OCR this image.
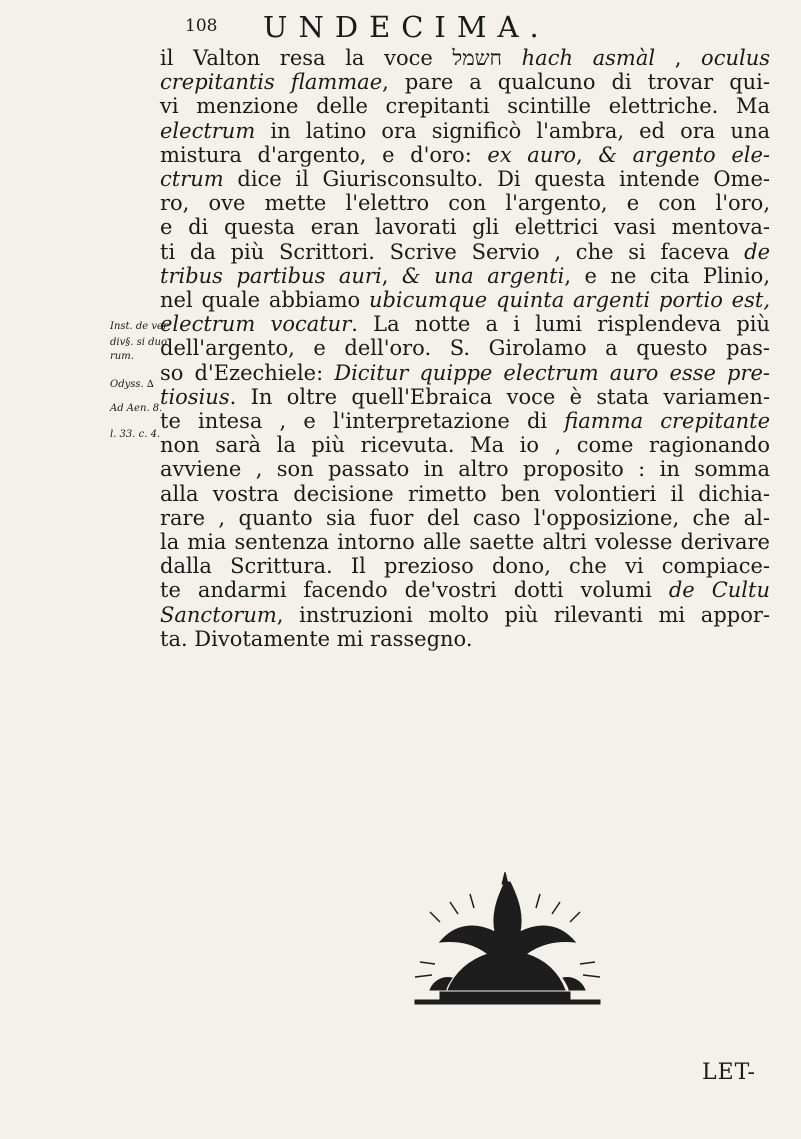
108 UNDECIMA.
Inst. de ver
div§. si duo
rum.
Odyss. ∆
Ad Aen. 8.
l. 33. c. 4.
il Valton resa la voce חשמל hach asmàl , oculus
crepitantis flammae, pare a qualcuno di trovar qui-
vi menzione delle crepitanti scintille elettriche. Ma
electrum in latino ora significò l'ambra, ed ora una
mistura d'argento, e d'oro: ex auro, & argento ele-
ctrum dice il Giurisconsulto. Di questa intende Ome-
ro, ove mette l'elettro con l'argento, e con l'oro,
e di questa eran lavorati gli elettrici vasi mentova-
ti da più Scrittori. Scrive Servio , che si faceva de
tribus partibus auri, & una argenti, e ne cita Plinio,
nel quale abbiamo ubicumque quinta argenti portio est,
electrum vocatur. La notte a i lumi risplendeva più
dell'argento, e dell'oro. S. Girolamo a questo pas-
so d'Ezechiele: Dicitur quippe electrum auro esse pre-
tiosius. In oltre quell'Ebraica voce è stata variamen-
te intesa , e l'interpretazione di fiamma crepitante
non sarà la più ricevuta. Ma io , come ragionando
avviene , son passato in altro proposito : in somma
alla vostra decisione rimetto ben volontieri il dichia-
rare , quanto sia fuor del caso l'opposizione, che al-
la mia sentenza intorno alle saette altri volesse derivare
dalla Scrittura. Il prezioso dono, che vi compiace-
te andarmi facendo de'vostri dotti volumi de Cultu
Sanctorum, instruzioni molto più rilevanti mi appor-
ta. Divotamente mi rassegno.
LET-
